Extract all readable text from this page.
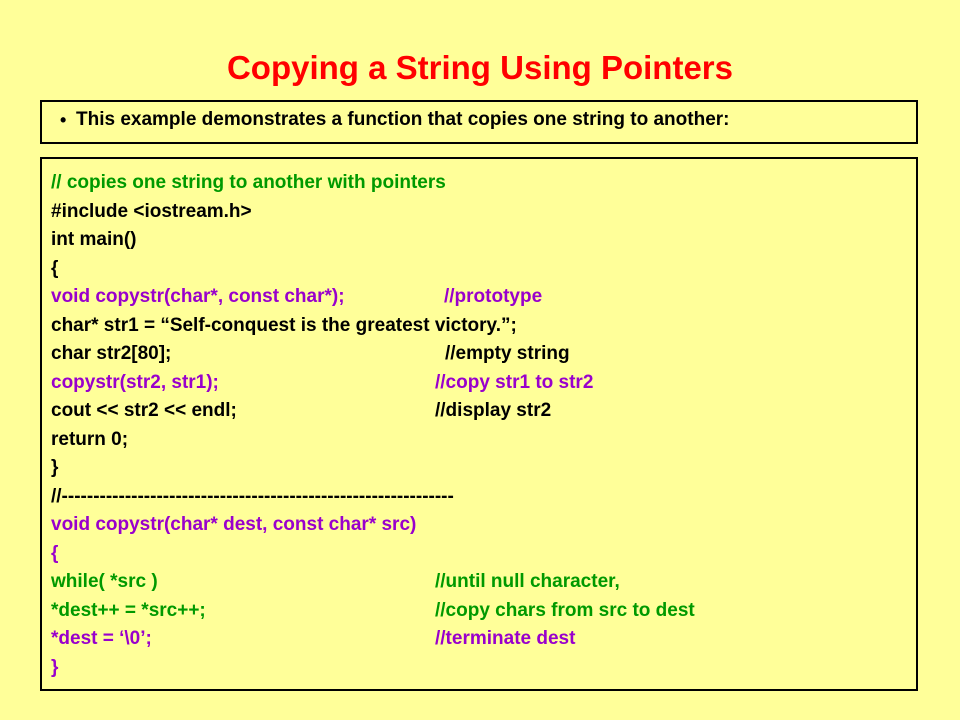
Copying a String Using Pointers
• This example demonstrates a function that copies one string to another:
// copies one string to another with pointers
#include <iostream.h>
int main()
{
void copystr(char*, const char*);	//prototype
char* str1 = “Self-conquest is the greatest victory.”;
char str2[80];	//empty string
copystr(str2, str1);	//copy str1 to str2
cout << str2 << endl;	//display str2
return 0;
}
//--------------------------------------------------------------
void copystr(char* dest, const char* src)
{
while( *src )	//until null character,
*dest++ = *src++;	//copy chars from src to dest
*dest = ‘\0’;	//terminate dest
}
